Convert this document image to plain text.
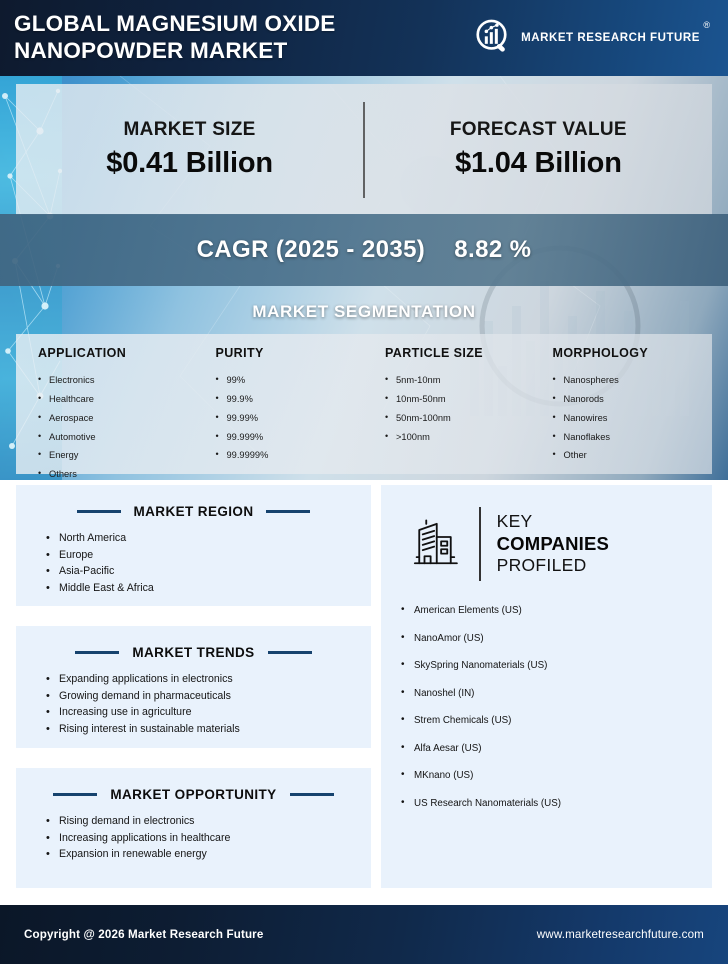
GLOBAL MAGNESIUM OXIDE
NANOPOWDER MARKET	MARKET RESEARCH FUTURE
®
MARKET SIZE
$0.41 Billion
FORECAST VALUE
$1.04 Billion
CAGR (2025 - 2035) 8.82 %
MARKET SEGMENTATION
APPLICATION
• Electronics
• Healthcare
• Aerospace
• Automotive
• Energy
• Others
PURITY
• 99%
• 99.9%
• 99.99%
• 99.999%
• 99.9999%
PARTICLE SIZE
• 5nm-10nm
• 10nm-50nm
• 50nm-100nm
• >100nm
MORPHOLOGY
• Nanospheres
• Nanorods
• Nanowires
• Nanoflakes
• Other
MARKET REGION
• North America
• Europe
• Asia-Pacific
• Middle East & Africa
MARKET TRENDS
• Expanding applications in electronics
• Growing demand in pharmaceuticals
• Increasing use in agriculture
• Rising interest in sustainable materials
MARKET OPPORTUNITY
• Rising demand in electronics
• Increasing applications in healthcare
• Expansion in renewable energy
KEY
COMPANIES
PROFILED
• American Elements (US)
• NanoAmor (US)
• SkySpring Nanomaterials (US)
• Nanoshel (IN)
• Strem Chemicals (US)
• Alfa Aesar (US)
• MKnano (US)
• US Research Nanomaterials (US)
Copyright @ 2025 Market Research Future	www.marketresearchfuture.com
Copyright @ 2026 Market Research Future	www.marketresearchfuture.com
